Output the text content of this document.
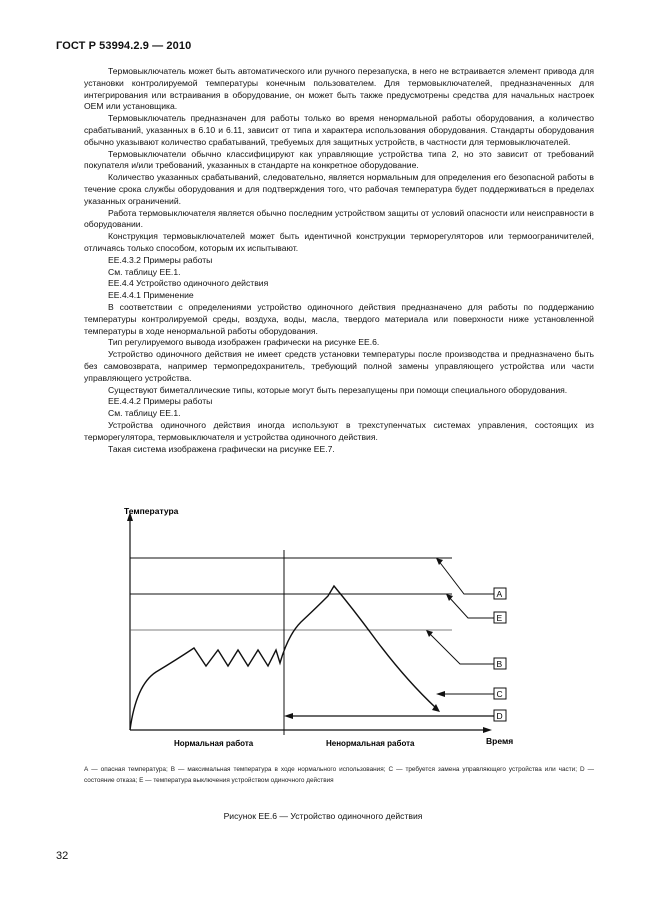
ГОСТ Р 53994.2.9 — 2010

Термовыключатель может быть автоматического или ручного перезапуска, в него не встраивается элемент привода для установки контролируемой температуры конечным пользователем. Для термовыключателей, предназначенных для интегрирования или встраивания в оборудование, он может быть также предусмотрены средства для начальных настроек ОЕМ или установщика.

Термовыключатель предназначен для работы только во время ненормальной работы оборудования, а количество срабатываний, указанных в 6.10 и 6.11, зависит от типа и характера использования оборудования. Стандарты оборудования обычно указывают количество срабатываний, требуемых для защитных устройств, в частности для термовыключателей.

Термовыключатели обычно классифицируют как управляющие устройства типа 2, но это зависит от требований покупателя и/или требований, указанных в стандарте на конкретное оборудование.

Количество указанных срабатываний, следовательно, является нормальным для определения его безопасной работы в течение срока службы оборудования и для подтверждения того, что рабочая температура будет поддерживаться в пределах указанных ограничений.

Работа термовыключателя является обычно последним устройством защиты от условий опасности или неисправности в оборудовании.

Конструкция термовыключателей может быть идентичной конструкции терморегуляторов или термоограничителей, отличаясь только способом, которым их испытывают.

ЕЕ.4.3.2 Примеры работы

См. таблицу ЕЕ.1.

ЕЕ.4.4 Устройство одиночного действия

ЕЕ.4.4.1 Применение

В соответствии с определениями устройство одиночного действия предназначено для работы по поддержанию температуры контролируемой среды, воздуха, воды, масла, твердого материала или поверхности ниже установленной температуры в ходе ненормальной работы оборудования.

Тип регулируемого вывода изображен графически на рисунке ЕЕ.6.

Устройство одиночного действия не имеет средств установки температуры после производства и предназначено быть без самовозврата, например термопредохранитель, требующий полной замены управляющего устройства или части управляющего устройства.

Существуют биметаллические типы, которые могут быть перезапущены при помощи специального оборудования.

ЕЕ.4.4.2 Примеры работы

См. таблицу ЕЕ.1.

Устройства одиночного действия иногда используют в трехступенчатых системах управления, состоящих из терморегулятора, термовыключателя и устройства одиночного действия.

Такая система изображена графически на рисунке ЕЕ.7.

Температура
Время
A
E
B
C
D
Нормальная работа	Ненормальная работа
А — опасная температура; В — максимальная температура в ходе нормального использования; С — требуется замена управляющего устройства или части; D — состояние отказа; Е — температура выключения устройством одиночного действия
Рисунок ЕЕ.6 — Устройство одиночного действия
32
